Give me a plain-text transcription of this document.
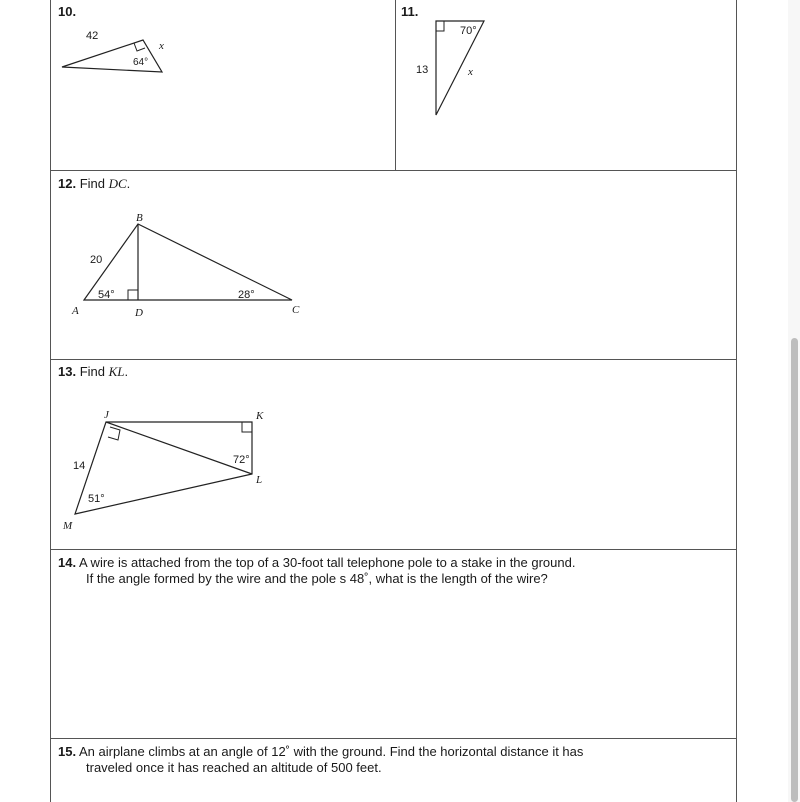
10.
42
x
64°
11.
70°
13	x
12. Find DC.
B
20
54°	28°
A	D	C
13. Find KL.
J	K
72°
L
14
51°
M
14. A wire is attached from the top of a 30-foot tall telephone pole to a stake in the ground.
If the angle formed by the wire and the pole s 48˚, what is the length of the wire?
15. An airplane climbs at an angle of 12˚ with the ground. Find the horizontal distance it has
traveled once it has reached an altitude of 500 feet.
